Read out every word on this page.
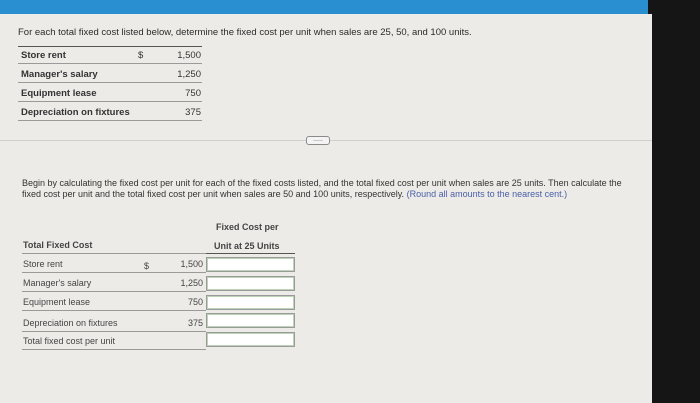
For each total fixed cost listed below, determine the fixed cost per unit when sales are 25, 50, and 100 units.
Store rent	$	1,500
Manager's salary	1,250
Equipment lease	750
Depreciation on fixtures	375
.....
Begin by calculating the fixed cost per unit for each of the fixed costs listed, and the total fixed cost per unit when sales are 25 units. Then calculate the fixed cost per unit and the total fixed cost per unit when sales are 50 and 100 units, respectively. (Round all amounts to the nearest cent.)
Fixed Cost per
Unit at 25 Units
Total Fixed Cost
Store rent	$	1,500
Manager's salary	1,250
Equipment lease	750
Depreciation on fixtures	375
Total fixed cost per unit
